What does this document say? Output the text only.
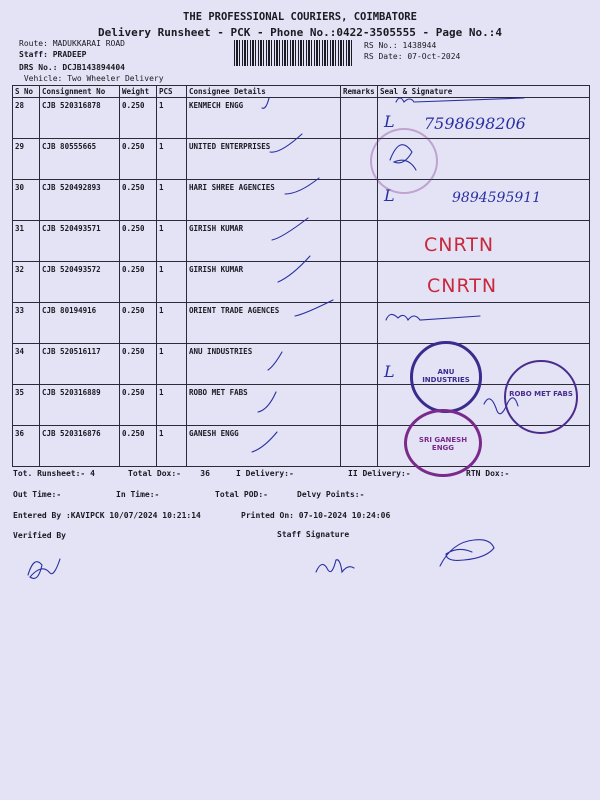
THE PROFESSIONAL COURIERS, COIMBATORE
Delivery Runsheet - PCK - Phone No.:0422-3505555 - Page No.:4
Route: MADUKKARAI ROAD
Staff: PRADEEP
DRS No.: DCJB143894404
Vehicle: Two Wheeler Delivery
RS No.: 1438944
RS Date: 07-Oct-2024
S No	Consignment No	Weight	PCS	Consignee Details	Remarks	Seal & Signature
28	CJB 520316878	0.250	1	KENMECH ENGG		
29	CJB 80555665	0.250	1	UNITED ENTERPRISES		
30	CJB 520492893	0.250	1	HARI SHREE AGENCIES		
31	CJB 520493571	0.250	1	GIRISH KUMAR		
32	CJB 520493572	0.250	1	GIRISH KUMAR		
33	CJB 80194916	0.250	1	ORIENT TRADE AGENCES		
34	CJB 520516117	0.250	1	ANU INDUSTRIES		
35	CJB 520316889	0.250	1	ROBO MET FABS		
36	CJB 520316876	0.250	1	GANESH ENGG		
Tot. Runsheet:- 4	Total Dox:- 36	I Delivery:-	II Delivery:-	RTN Dox:-
Out Time:-	In Time:-	Total POD:-	Delvy Points:-
Entered By :KAVIPCK 10/07/2024 10:21:14	Printed On: 07-10-2024 10:24:06
Verified By	Staff Signature
L 7598698206
L	9894595911
CNRTN
CNRTN
L	ANU INDUSTRIES
ROBO MET FABS
SRI GANESH ENGG
